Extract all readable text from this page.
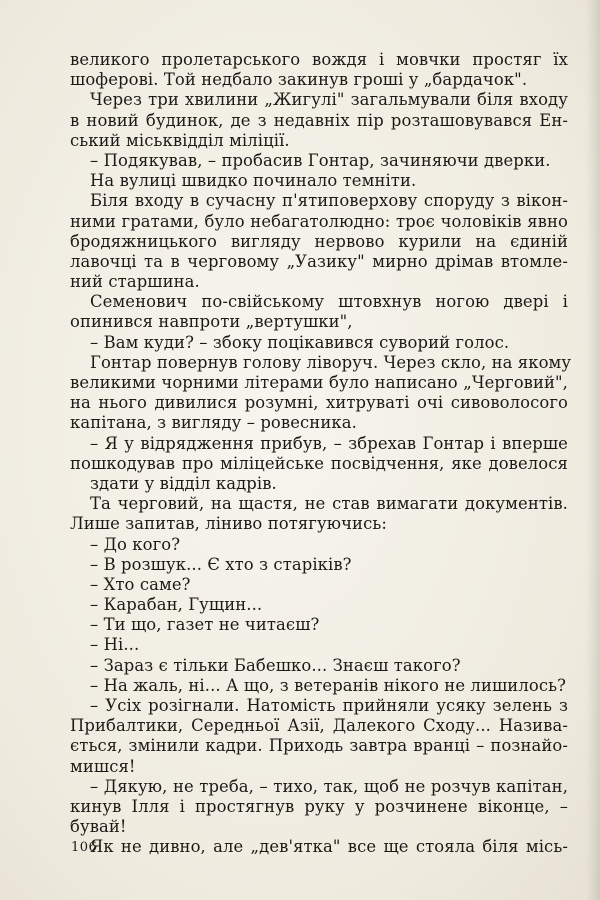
великого пролетарського вождя і мовчки простяг їх
шоферові. Той недбало закинув гроші у „бардачок".
Через три хвилини „Жигулі" загальмували біля входу
в новий будинок, де з недавніх пір розташовувався Ен-
ський міськвідділ міліції.
– Подякував, – пробасив Гонтар, зачиняючи дверки.
На вулиці швидко починало темніти.
Біля входу в сучасну п'ятиповерхову споруду з вікон-
ними гратами, було небагатолюдно: троє чоловіків явно
бродяжницького вигляду нервово курили на єдиній
лавочці та в черговому „Уазику" мирно дрімав втомле-
ний старшина.
Семенович по-свійському штовхнув ногою двері і
опинився навпроти „вертушки",
– Вам куди? – збоку поцікавився суворий голос.
Гонтар повернув голову ліворуч. Через скло, на якому
великими чорними літерами було написано „Черговий",
на нього дивилися розумні, хитруваті очі сивоволосого
капітана, з вигляду – ровесника.
– Я у відрядження прибув, – збрехав Гонтар і вперше
пошкодував про міліцейське посвідчення, яке довелося
здати у відділ кадрів.
Та черговий, на щастя, не став вимагати документів.
Лише запитав, ліниво потягуючись:
– До кого?
– В розшук... Є хто з старіків?
– Хто саме?
– Карабан, Гущин...
– Ти що, газет не читаєш?
– Ні...
– Зараз є тільки Бабешко... Знаєш такого?
– На жаль, ні... А що, з ветеранів нікого не лишилось?
– Усіх розігнали. Натомість прийняли усяку зелень з
Прибалтики, Середньої Азії, Далекого Сходу... Назива-
ється, змінили кадри. Приходь завтра вранці – познайо-
мишся!
– Дякую, не треба, – тихо, так, щоб не розчув капітан,
кинув Ілля і простягнув руку у розчинене віконце, –
бувай!
Як не дивно, але „дев'ятка" все ще стояла біля місь-
106
